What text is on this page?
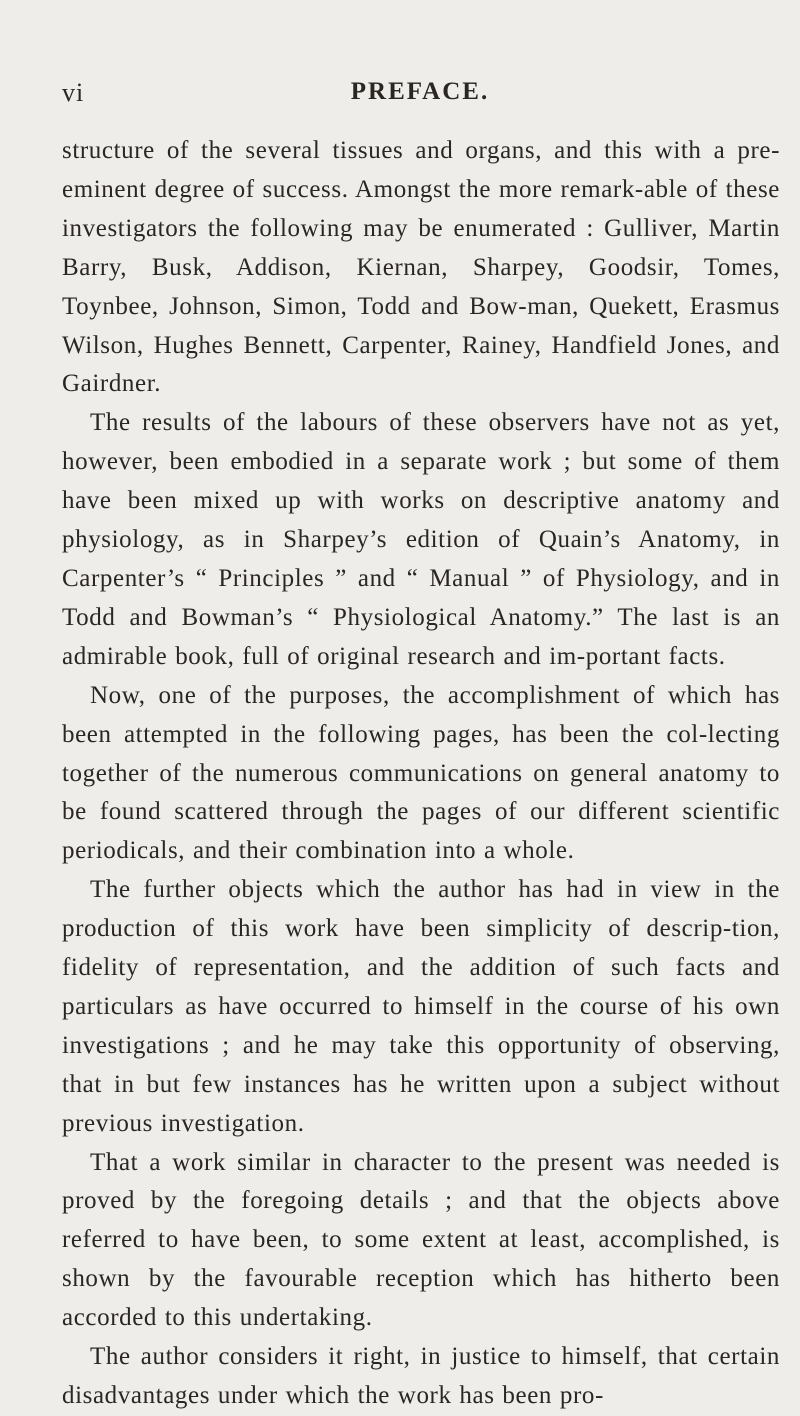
vi	PREFACE.

structure of the several tissues and organs, and this with a pre-eminent degree of success. Amongst the more remark-able of these investigators the following may be enumerated : Gulliver, Martin Barry, Busk, Addison, Kiernan, Sharpey, Goodsir, Tomes, Toynbee, Johnson, Simon, Todd and Bow-man, Quekett, Erasmus Wilson, Hughes Bennett, Carpenter, Rainey, Handfield Jones, and Gairdner.

The results of the labours of these observers have not as yet, however, been embodied in a separate work ; but some of them have been mixed up with works on descriptive anatomy and physiology, as in Sharpey’s edition of Quain’s Anatomy, in Carpenter’s “ Principles ” and “ Manual ” of Physiology, and in Todd and Bowman’s “ Physiological Anatomy.” The last is an admirable book, full of original research and im-portant facts.

Now, one of the purposes, the accomplishment of which has been attempted in the following pages, has been the col-lecting together of the numerous communications on general anatomy to be found scattered through the pages of our different scientific periodicals, and their combination into a whole.

The further objects which the author has had in view in the production of this work have been simplicity of descrip-tion, fidelity of representation, and the addition of such facts and particulars as have occurred to himself in the course of his own investigations ; and he may take this opportunity of observing, that in but few instances has he written upon a subject without previous investigation.

That a work similar in character to the present was needed is proved by the foregoing details ; and that the objects above referred to have been, to some extent at least, accomplished, is shown by the favourable reception which has hitherto been accorded to this undertaking.

The author considers it right, in justice to himself, that certain disadvantages under which the work has been pro-
